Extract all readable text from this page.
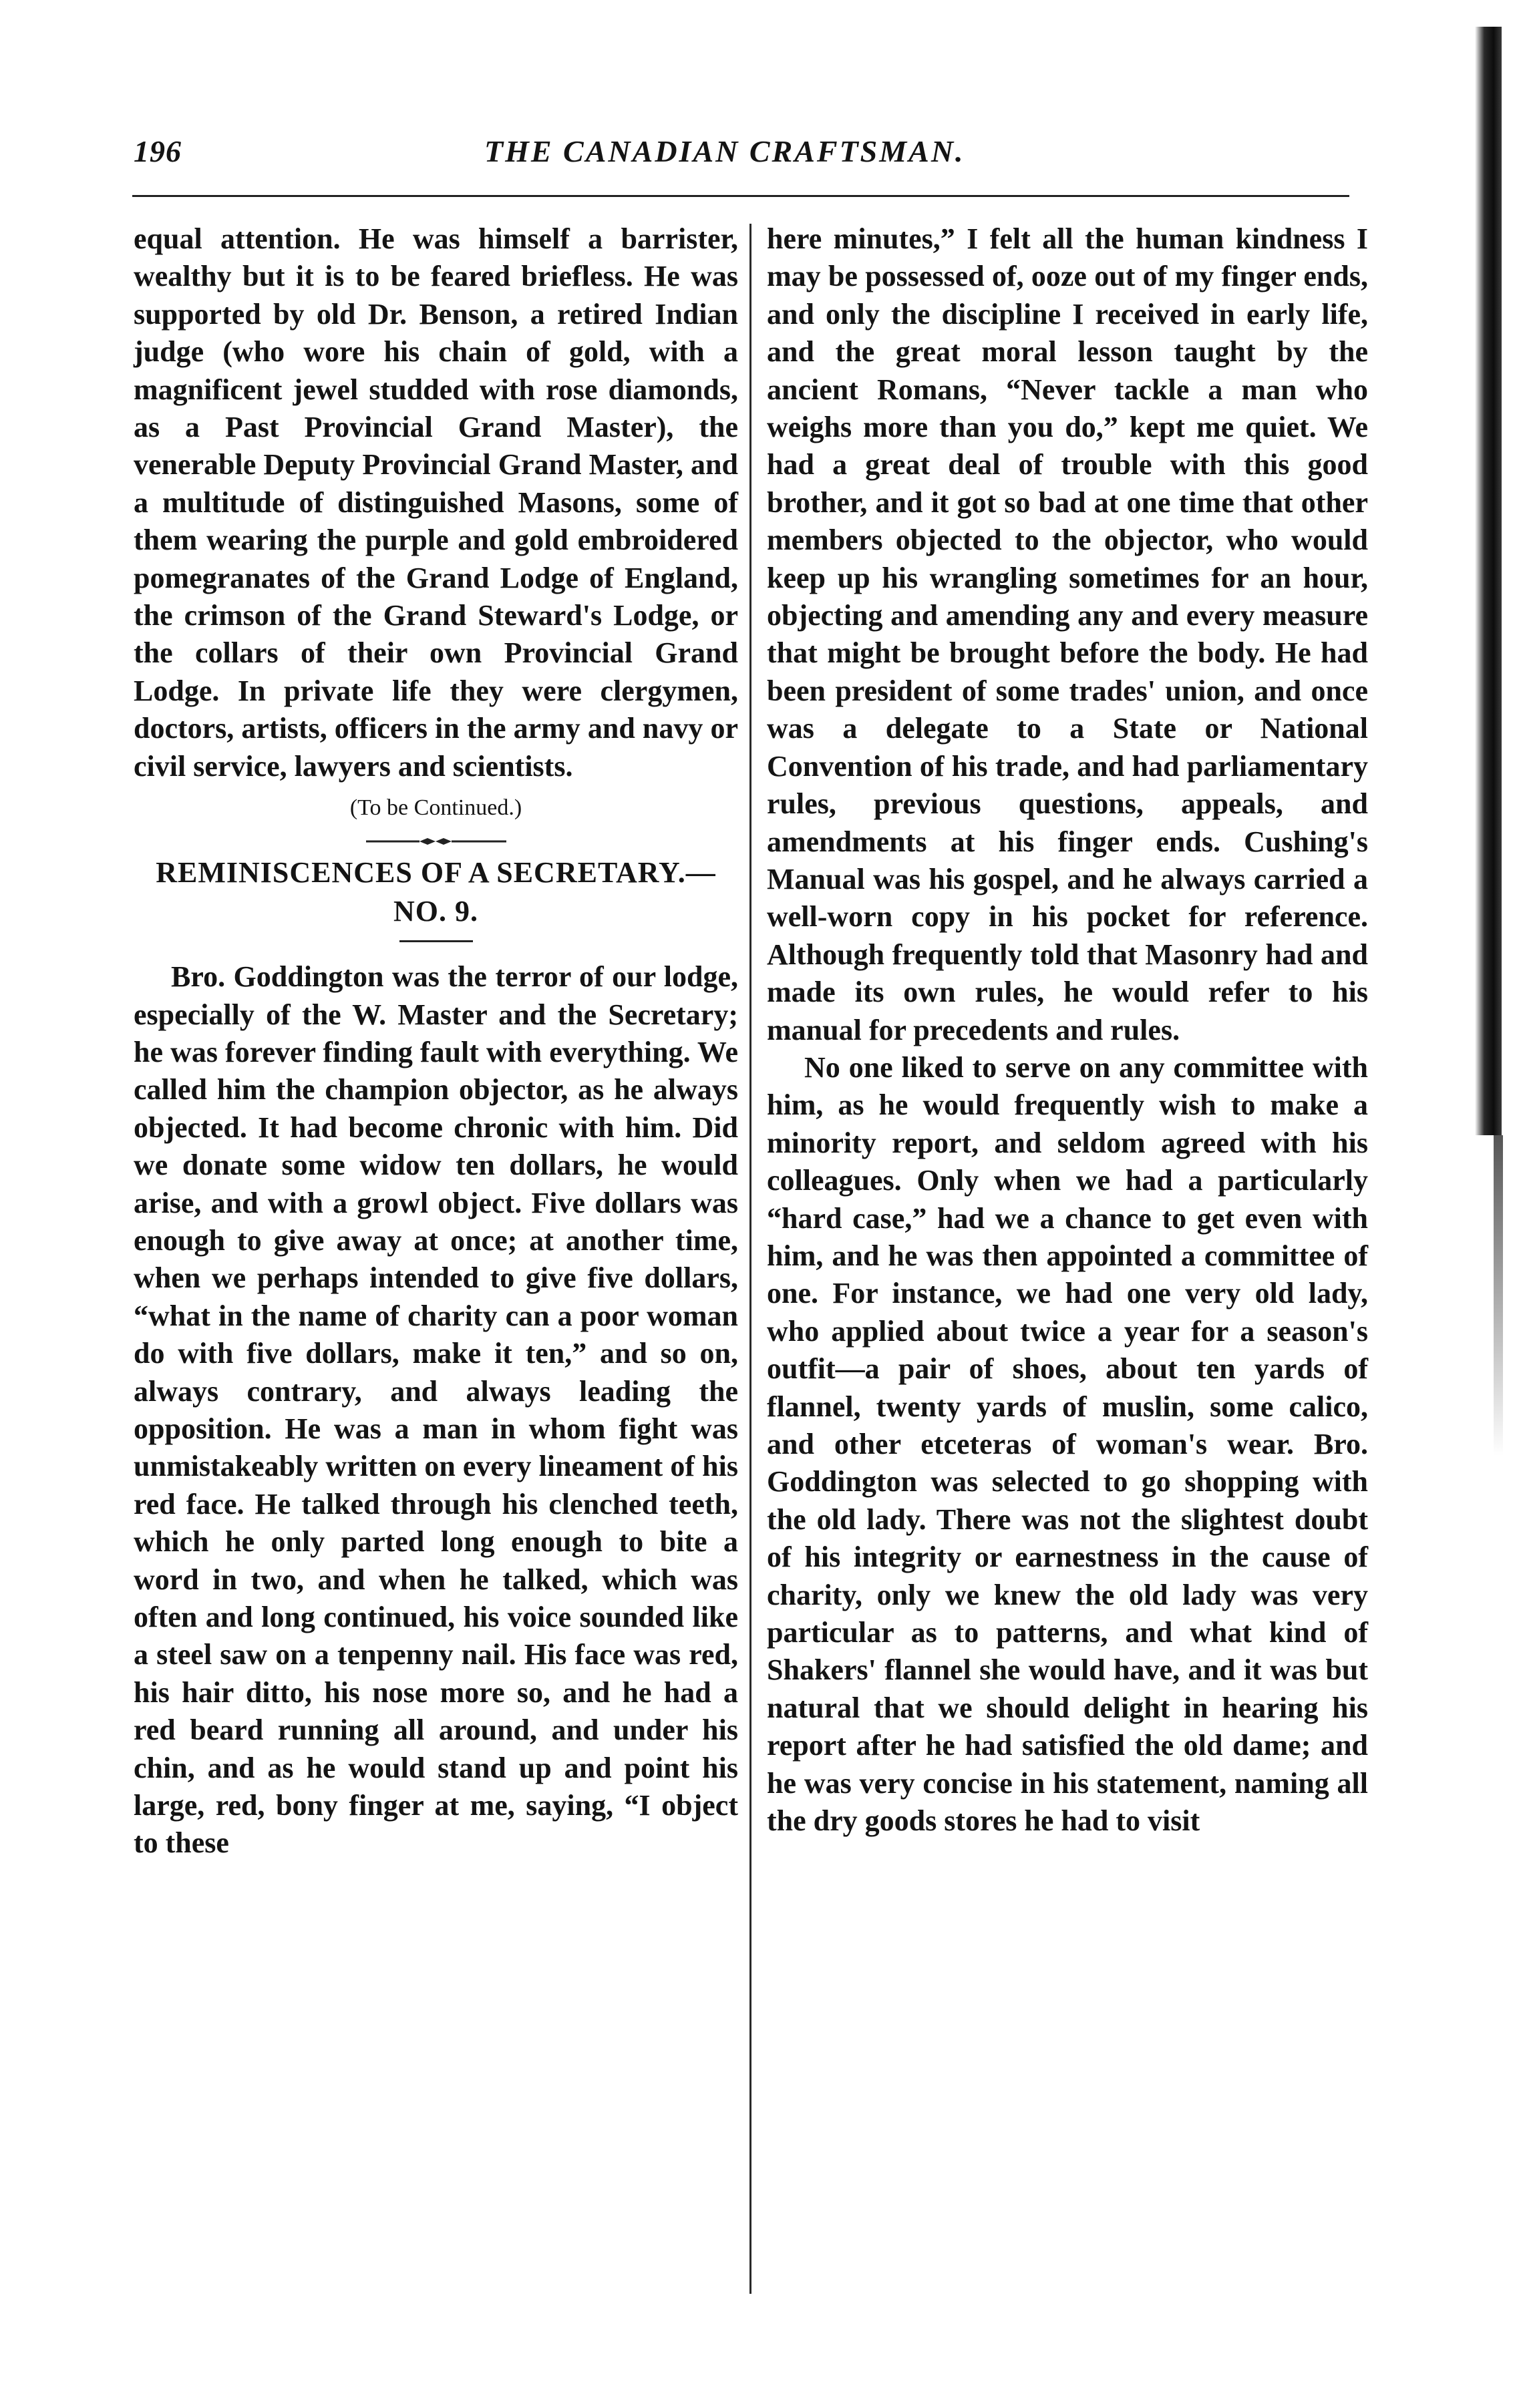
196	THE CANADIAN CRAFTSMAN.

equal attention. He was himself a barrister, wealthy but it is to be feared briefless. He was supported by old Dr. Benson, a retired Indian judge (who wore his chain of gold, with a magnificent jewel studded with rose diamonds, as a Past Provincial Grand Master), the venerable Deputy Provincial Grand Master, and a multitude of distinguished Masons, some of them wearing the purple and gold embroidered pomegranates of the Grand Lodge of England, the crimson of the Grand Steward's Lodge, or the collars of their own Provincial Grand Lodge. In private life they were clergymen, doctors, artists, officers in the army and navy or civil service, lawyers and scientists.

(To be Continued.)

REMINISCENCES OF A SECRETARY.—NO. 9.

Bro. Goddington was the terror of our lodge, especially of the W. Master and the Secretary; he was forever finding fault with everything. We called him the champion objector, as he always objected. It had become chronic with him. Did we donate some widow ten dollars, he would arise, and with a growl object. Five dollars was enough to give away at once; at another time, when we perhaps intended to give five dollars, “what in the name of charity can a poor woman do with five dollars, make it ten,” and so on, always contrary, and always leading the opposition. He was a man in whom fight was unmistakeably written on every lineament of his red face. He talked through his clenched teeth, which he only parted long enough to bite a word in two, and when he talked, which was often and long continued, his voice sounded like a steel saw on a tenpenny nail. His face was red, his hair ditto, his nose more so, and he had a red beard running all around, and under his chin, and as he would stand up and point his large, red, bony finger at me, saying, “I object to these

here minutes,” I felt all the human kindness I may be possessed of, ooze out of my finger ends, and only the discipline I received in early life, and the great moral lesson taught by the ancient Romans, “Never tackle a man who weighs more than you do,” kept me quiet. We had a great deal of trouble with this good brother, and it got so bad at one time that other members objected to the objector, who would keep up his wrangling sometimes for an hour, objecting and amending any and every measure that might be brought before the body. He had been president of some trades' union, and once was a delegate to a State or National Convention of his trade, and had parliamentary rules, previous questions, appeals, and amendments at his finger ends. Cushing's Manual was his gospel, and he always carried a well-worn copy in his pocket for reference. Although frequently told that Masonry had and made its own rules, he would refer to his manual for precedents and rules.

No one liked to serve on any committee with him, as he would frequently wish to make a minority report, and seldom agreed with his colleagues. Only when we had a particularly “hard case,” had we a chance to get even with him, and he was then appointed a committee of one. For instance, we had one very old lady, who applied about twice a year for a season's outfit—a pair of shoes, about ten yards of flannel, twenty yards of muslin, some calico, and other etceteras of woman's wear. Bro. Goddington was selected to go shopping with the old lady. There was not the slightest doubt of his integrity or earnestness in the cause of charity, only we knew the old lady was very particular as to patterns, and what kind of Shakers' flannel she would have, and it was but natural that we should delight in hearing his report after he had satisfied the old dame; and he was very concise in his statement, naming all the dry goods stores he had to visit
